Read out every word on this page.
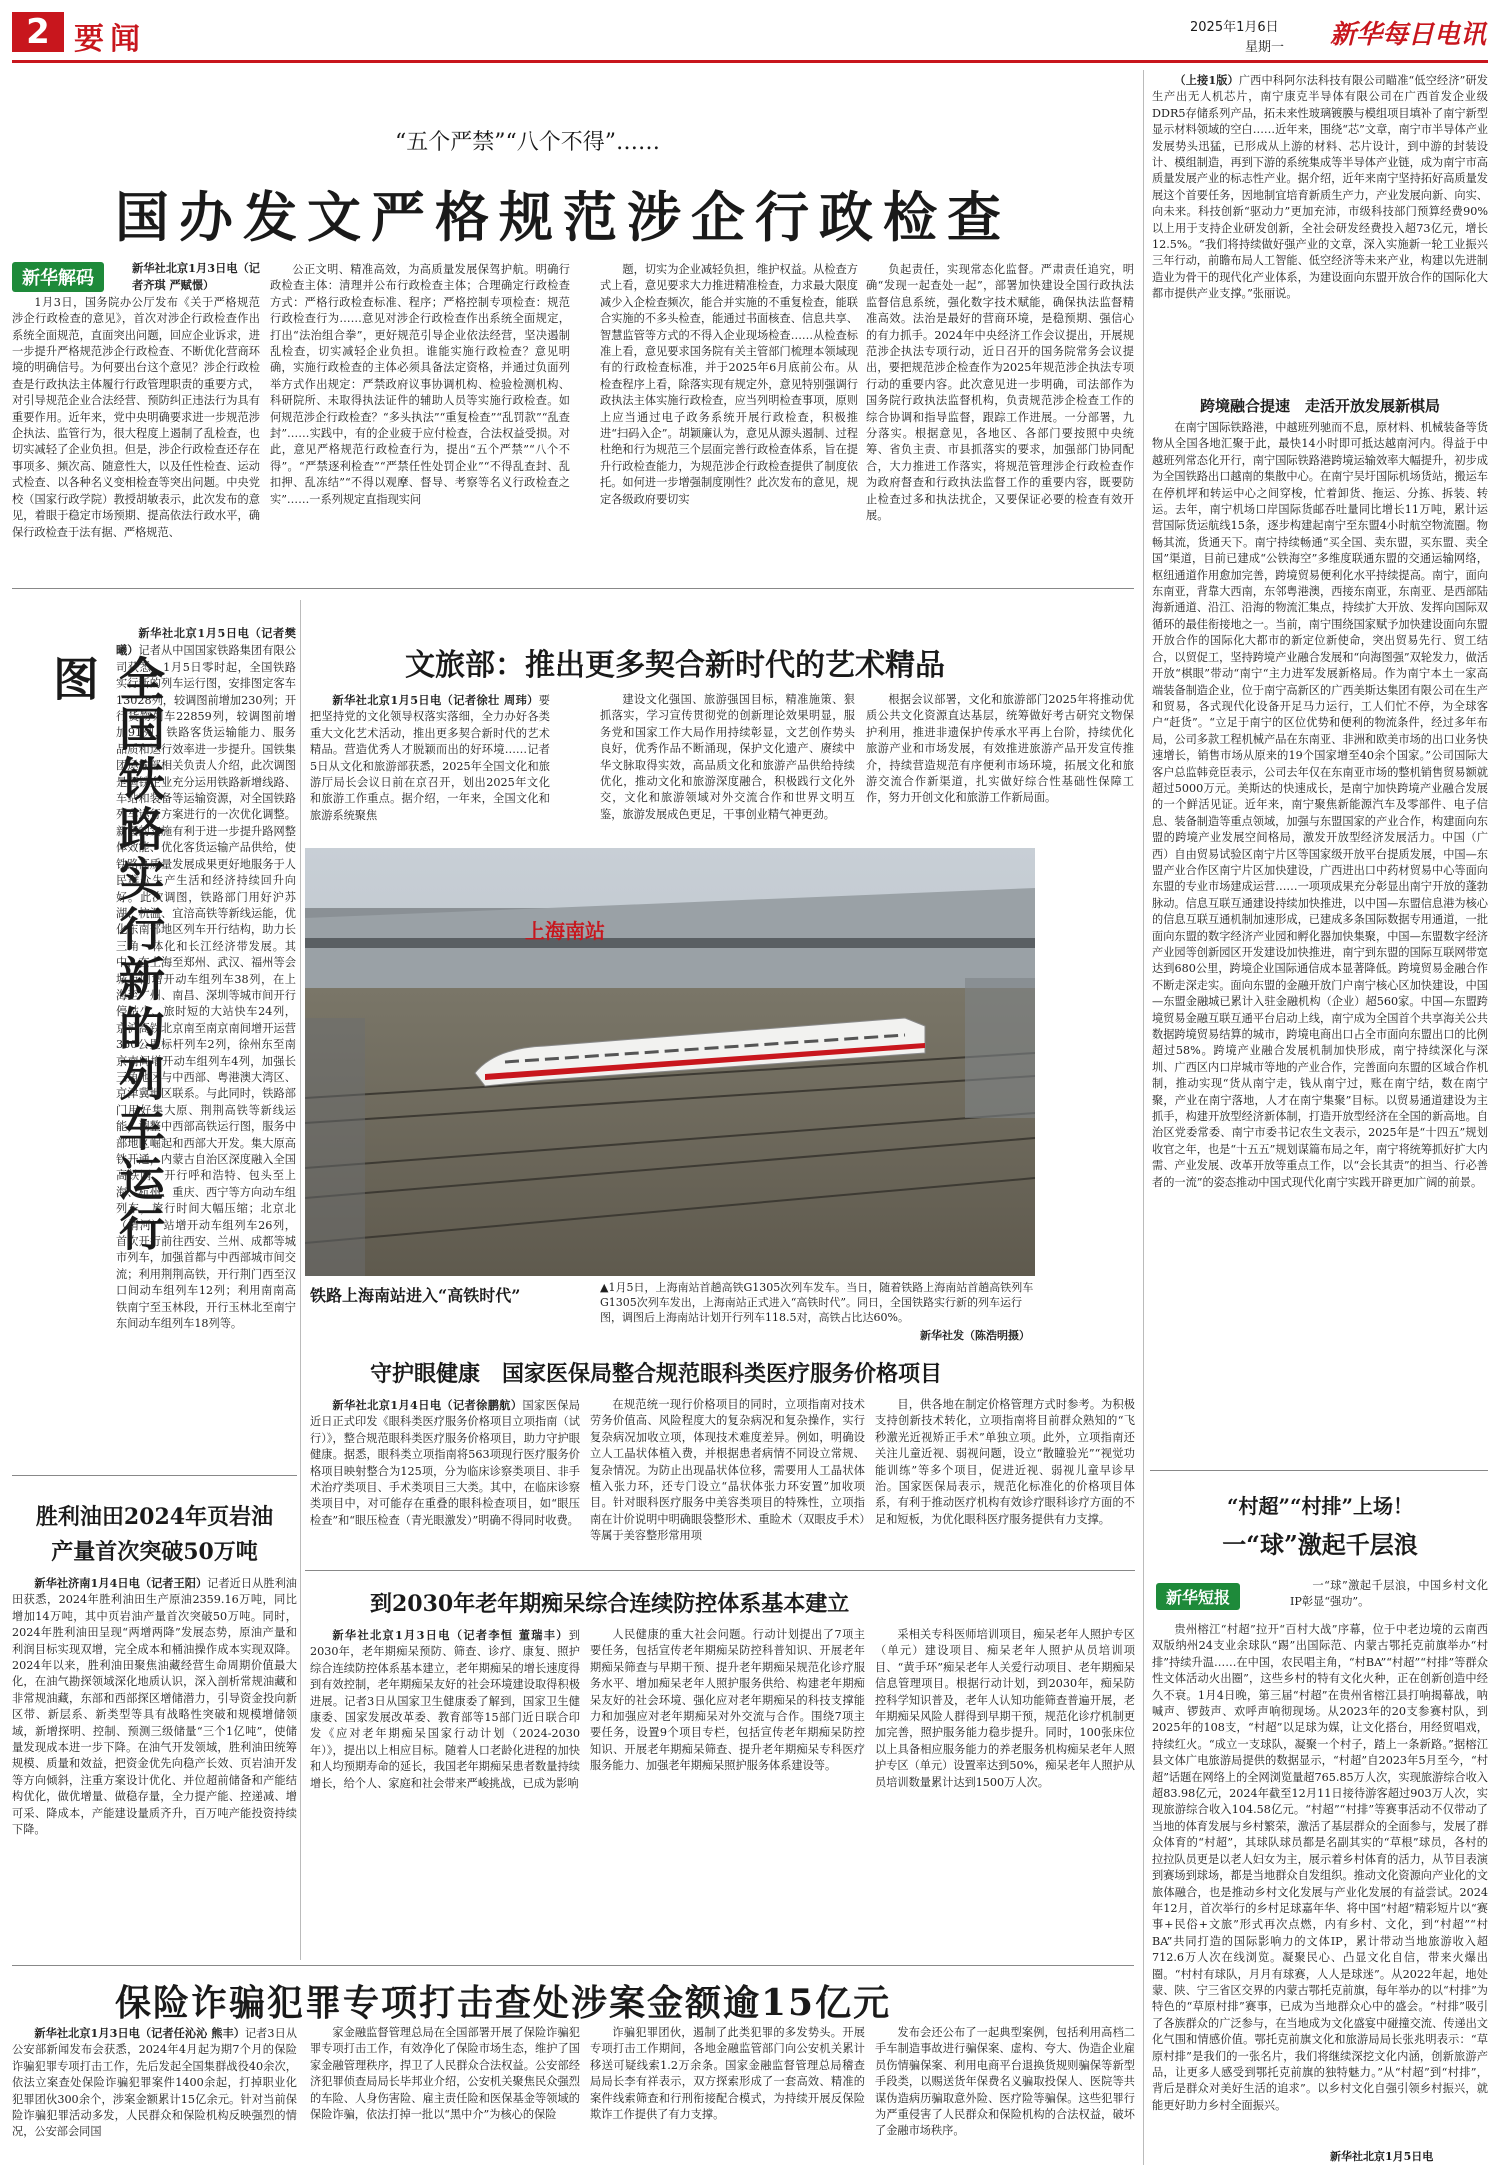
2 要闻	2025年1月6日
星期一 新华每日电讯
“五个严禁”“八个不得”……
国办发文严格规范涉企行政检查
新华解码	新华社北京1月3日电（记者齐琪 严赋憬）

1月3日，国务院办公厅发布《关于严格规范涉企行政检查的意见》，首次对涉企行政检查作出系统全面规范，直面突出问题，回应企业诉求，进一步提升严格规范涉企行政检查、不断优化营商环境的明确信号。为何要出台这个意见？涉企行政检查是行政执法主体履行行政管理职责的重要方式，对引导规范企业合法经营、预防纠正违法行为具有重要作用。近年来，党中央明确要求进一步规范涉企执法、监管行为，很大程度上遏制了乱检查，也切实减轻了企业负担。但是，涉企行政检查还存在事项多、频次高、随意性大，以及任性检查、运动式检查、以各种名义变相检查等突出问题。中央党校（国家行政学院）教授胡敏表示，此次发布的意见，着眼于稳定市场预期、提高依法行政水平，确保行政检查于法有据、严格规范、

公正文明、精准高效，为高质量发展保驾护航。明确行政检查主体：清理并公布行政检查主体；合理确定行政检查方式：严格行政检查标准、程序；严格控制专项检查：规范行政检查行为……意见对涉企行政检查作出系统全面规定，打出“法治组合拳”，更好规范引导企业依法经营，坚决遏制乱检查，切实减轻企业负担。谁能实施行政检查？意见明确，实施行政检查的主体必须具备法定资格，并通过负面列举方式作出规定：严禁政府议事协调机构、检验检测机构、科研院所、未取得执法证件的辅助人员等实施行政检查。如何规范涉企行政检查？“多头执法”“重复检查”“乱罚款”“乱查封”……实践中，有的企业疲于应付检查，合法权益受损。对此，意见严格规范行政检查行为，提出“五个严禁”“八个不得”。“严禁逐利检查”“严禁任性处罚企业”“不得乱查封、乱扣押、乱冻结”“不得以观摩、督导、考察等名义行政检查之实”……一系列规定直指现实问

题，切实为企业减轻负担，维护权益。从检查方式上看，意见要求大力推进精准检查，力求最大限度减少入企检查频次，能合并实施的不重复检查，能联合实施的不多头检查，能通过书面核查、信息共享、智慧监管等方式的不得入企业现场检查……从检查标准上看，意见要求国务院有关主管部门梳理本领域现有的行政检查标准，并于2025年6月底前公布。从检查程序上看，除落实现有规定外，意见特别强调行政执法主体实施行政检查，应当列明检查事项，原则上应当通过电子政务系统开展行政检查，积极推进“扫码入企”。胡颖廉认为，意见从源头遏制、过程杜绝和行为规范三个层面完善行政检查体系，旨在提升行政检查能力，为规范涉企行政检查提供了制度依托。如何进一步增强制度刚性？此次发布的意见，规定各级政府要切实

负起责任，实现常态化监督。严肃责任追究，明确“发现一起查处一起”，部署加快建设全国行政执法监督信息系统，强化数字技术赋能，确保执法监督精准高效。法治是最好的营商环境，是稳预期、强信心的有力抓手。2024年中央经济工作会议提出，开展规范涉企执法专项行动，近日召开的国务院常务会议提出，要把规范涉企检查作为2025年规范涉企执法专项行动的重要内容。此次意见进一步明确，司法部作为国务院行政执法监督机构，负责规范涉企检查工作的综合协调和指导监督，跟踪工作进展。一分部署，九分落实。根据意见，各地区、各部门要按照中央统筹、省负主责、市县抓落实的要求，加强部门协同配合，大力推进工作落实，将规范管理涉企行政检查作为政府督查和行政执法监督工作的重要内容，既要防止检查过多和执法扰企，又要保证必要的检查有效开展。

全国铁路实行新的列车运行图

新华社北京1月5日电（记者樊曦）记者从中国国家铁路集团有限公司获悉，1月5日零时起，全国铁路实行新的列车运行图，安排图定客车13028列，较调图前增加230列；开行货物列车22859列，较调图前增加91列，铁路客货运输能力、服务品质和运行效率进一步提升。国铁集团运输部相关负责人介绍，此次调图是国铁企业充分运用铁路新增线路、车站和装备等运输资源，对全国铁路列车运行方案进行的一次优化调整。新图的实施有利于进一步提升路网整体效能、优化客货运输产品供给，使铁路高质量发展成果更好地服务于人民群众生产生活和经济持续回升向好。此次调图，铁路部门用好沪苏湖、杭温、宜涪高铁等新线运能，优化东南部地区列车开行结构，助力长三角一体化和长江经济带发展。其中，在上海至郑州、武汉、福州等会城市间增开动车组列车38列，在上海至广州、南昌、深圳等城市间开行停站少、旅时短的大站快车24列，京沪高铁北京南至南京南间增开运营350公里标杆列车2列，徐州东至南京南间增开动车组列车4列，加强长三角地区与中西部、粤港澳大湾区、京津冀地区联系。与此同时，铁路部门用好集大原、荆荆高铁等新线运能，调整中西部高铁运行图，服务中部地区崛起和西部大开发。集大原高铁开通，内蒙古自治区深度融入全国高铁网，开行呼和浩特、包头至上海、杭州、重庆、西宁等方向动车组列车，旅行时间大幅压缩；北京北（清河）站增开动车组列车26列，首次开行前往西安、兰州、成都等城市列车，加强首都与中西部城市间交流；利用荆荆高铁，开行荆门西至汉口间动车组列车12列；利用南南高铁南宁至玉林段，开行玉林北至南宁东间动车组列车18列等。

胜利油田2024年页岩油
产量首次突破50万吨

新华社济南1月4日电（记者王阳）记者近日从胜利油田获悉，2024年胜利油田生产原油2359.16万吨，同比增加14万吨，其中页岩油产量首次突破50万吨。同时，2024年胜利油田呈现“两增两降”发展态势，原油产量和利润目标实现双增，完全成本和桶油操作成本实现双降。2024年以来，胜利油田聚焦油藏经营生命周期价值最大化，在油气勘探领域深化地质认识，深入剖析常规油藏和非常规油藏，东部和西部探区增储潜力，引导资金投向新区带、新层系、新类型等具有战略性突破和规模增储领域，新增探明、控制、预测三级储量“三个1亿吨”，使储量发现成本进一步下降。在油气开发领域，胜利油田统筹规模、质量和效益，把资金优先向稳产长效、页岩油开发等方向倾斜，注重方案设计优化、并位超前储备和产能结构优化，做优增量、做稳存量，全力提产能、控递减、增可采、降成本，产能建设量质齐升，百万吨产能投资持续下降。

文旅部：推出更多契合新时代的艺术精品

新华社北京1月5日电（记者徐壮 周玮）要把坚持党的文化领导权落实落细，全力办好各类重大文化艺术活动，推出更多契合新时代的艺术精品。营造优秀人才脱颖而出的好环境……记者5日从文化和旅游部获悉，2025年全国文化和旅游厅局长会议日前在京召开，划出2025年文化和旅游工作重点。据介绍，一年来，全国文化和旅游系统聚焦

建设文化强国、旅游强国目标，精准施策、狠抓落实，学习宣传贯彻党的创新理论效果明显，服务党和国家工作大局作用持续彰显，文艺创作势头良好，优秀作品不断涌现，保护文化遗产、赓续中华文脉取得实效，高品质文化和旅游产品供给持续优化，推动文化和旅游深度融合，积极践行文化外交，文化和旅游领域对外交流合作和世界文明互鉴，旅游发展成色更足，干事创业精气神更劲。

根据会议部署，文化和旅游部门2025年将推动优质公共文化资源直达基层，统筹做好考古研究文物保护利用，推进非遗保护传承水平再上台阶，持续优化旅游产业和市场发展，有效推进旅游产品开发宣传推介，持续营造规范有序便利市场环境，拓展文化和旅游交流合作新渠道，扎实做好综合性基础性保障工作，努力开创文化和旅游工作新局面。

上海南站
铁路上海南站进入“高铁时代”	▲1月5日，上海南站首趟高铁G1305次列车发车。当日，随着铁路上海南站首趟高铁列车G1305次列车发出，上海南站正式进入“高铁时代”。同日，全国铁路实行新的列车运行图，调图后上海南站计划开行列车118.5对，高铁占比达60%。
新华社发（陈浩明摄）
守护眼健康　国家医保局整合规范眼科类医疗服务价格项目

新华社北京1月4日电（记者徐鹏航）国家医保局近日正式印发《眼科类医疗服务价格项目立项指南（试行）》，整合规范眼科类医疗服务价格项目，助力守护眼健康。据悉，眼科类立项指南将563项现行医疗服务价格项目映射整合为125项，分为临床诊察类项目、非手术治疗类项目、手术类项目三大类。其中，在临床诊察类项目中，对可能存在重叠的眼科检查项目，如“眼压检查”和“眼压检查（青光眼激发）”明确不得同时收费。

在规范统一现行价格项目的同时，立项指南对技术劳务价值高、风险程度大的复杂病况和复杂操作，实行复杂病况加收立项，体现技术难度差异。例如，明确设立人工晶状体植入费，并根据患者病情不同设立常规、复杂情况。为防止出现晶状体位移，需要用人工晶状体植入张力环，还专门设立“晶状体张力环安置”加收项目。针对眼科医疗服务中美容类项目的特殊性，立项指南在计价说明中明确眼袋整形术、重睑术（双眼皮手术）等属于美容整形常用项

目，供各地在制定价格管理方式时参考。为积极支持创新技术转化，立项指南将目前群众熟知的“飞秒激光近视矫正手术”单独立项。此外，立项指南还关注儿童近视、弱视问题，设立“散瞳验光”“视觉功能训练”等多个项目，促进近视、弱视儿童早诊早治。国家医保局表示，规范化标准化的价格项目体系，有利于推动医疗机构有效诊疗眼科诊疗方面的不足和短板，为优化眼科医疗服务提供有力支撑。

到2030年老年期痴呆综合连续防控体系基本建立

新华社北京1月3日电（记者李恒 董瑞丰）到2030年，老年期痴呆预防、筛查、诊疗、康复、照护综合连续防控体系基本建立，老年期痴呆的增长速度得到有效控制，老年期痴呆友好的社会环境建设取得积极进展。记者3日从国家卫生健康委了解到，国家卫生健康委、国家发展改革委、教育部等15部门近日联合印发《应对老年期痴呆国家行动计划（2024-2030年）》，提出以上相应目标。随着人口老龄化进程的加快和人均预期寿命的延长，我国老年期痴呆患者数量持续增长，给个人、家庭和社会带来严峻挑战，已成为影响

人民健康的重大社会问题。行动计划提出了7项主要任务，包括宣传老年期痴呆防控科普知识、开展老年期痴呆筛查与早期干预、提升老年期痴呆规范化诊疗服务水平、增加痴呆老年人照护服务供给、构建老年期痴呆友好的社会环境、强化应对老年期痴呆的科技支撑能力和加强应对老年期痴呆对外交流与合作。围绕7项主要任务，设置9个项目专栏，包括宣传老年期痴呆防控知识、开展老年期痴呆筛查、提升老年期痴呆专科医疗服务能力、加强老年期痴呆照护服务体系建设等。

采相关专科医师培训项目，痴呆老年人照护专区（单元）建设项目、痴呆老年人照护从员培训项目、“黄手环”痴呆老年人关爱行动项目、老年期痴呆信息管理项目。根据行动计划，到2030年，痴呆防控科学知识普及，老年人认知功能筛查普遍开展，老年期痴呆风险人群得到早期干预，规范化诊疗机制更加完善，照护服务能力稳步提升。同时，100张床位以上具备相应服务能力的养老服务机构痴呆老年人照护专区（单元）设置率达到50%，痴呆老年人照护从员培训数量累计达到1500万人次。

保险诈骗犯罪专项打击查处涉案金额逾15亿元

新华社北京1月3日电（记者任沁沁 熊丰）记者3日从公安部新闻发布会获悉，2024年4月起为期7个月的保险诈骗犯罪专项打击工作，先后发起全国集群战役40余次，依法立案查处保险诈骗犯罪案件1400余起，打掉职业化犯罪团伙300余个，涉案金额累计15亿余元。针对当前保险诈骗犯罪活动多发，人民群众和保险机构反映强烈的情况，公安部会同国

家金融监督管理总局在全国部署开展了保险诈骗犯罪专项打击工作，有效净化了保险市场生态，维护了国家金融管理秩序，捍卫了人民群众合法权益。公安部经济犯罪侦查局局长毕邦业介绍，公安机关聚焦民众强烈的车险、人身伤害险、雇主责任险和医保基金等领域的保险诈骗，依法打掉一批以“黑中介”为核心的保险

诈骗犯罪团伙，遏制了此类犯罪的多发势头。开展专项打击工作期间，各地金融监管部门向公安机关累计移送可疑线索1.2万余条。国家金融监督管理总局稽查局局长李有祥表示，双方探索形成了一套高效、精准的案件线索筛查和行刑衔接配合模式，为持续开展反保险欺诈工作提供了有力支撑。

发布会还公布了一起典型案例，包括利用高档二手车制造事故进行骗保案、虚构、夸大、伪造企业雇员伤情骗保案、利用电商平台退换货规则骗保等新型手段类，以赐送货年保费名义骗取投保人、医院等共谋伪造病历骗取意外险、医疗险等骗保。这些犯罪行为严重侵害了人民群众和保险机构的合法权益，破坏了金融市场秩序。

（上接1版）广西中科阿尔法科技有限公司瞄准“低空经济”研发生产出无人机芯片，南宁康克半导体有限公司在广西首发企业级DDR5存储系列产品，拓未来性玻璃镀膜与模组项目填补了南宁新型显示材料领域的空白……近年来，围绕“芯”文章，南宁市半导体产业发展势头迅猛，已形成从上游的材料、芯片设计，到中游的封装设计、模组制造，再到下游的系统集成等半导体产业链，成为南宁市高质量发展产业的标志性产业。据介绍，近年来南宁坚持拓好高质量发展这个首要任务，因地制宜培育新质生产力，产业发展向新、向实、向未来。科技创新“驱动力”更加充沛，市级科技部门预算经费90%以上用于支持企业研发创新，全社会研发经费投入超73亿元，增长12.5%。“我们将持续做好强产业的文章，深入实施新一轮工业振兴三年行动，前瞻布局人工智能、低空经济等未来产业，构建以先进制造业为骨干的现代化产业体系，为建设面向东盟开放合作的国际化大都市提供产业支撑。”张丽说。

跨境融合提速　走活开放发展新棋局

在南宁国际铁路港，中越班列驰而不息，原材料、机械装备等货物从全国各地汇聚于此，最快14小时即可抵达越南河内。得益于中越班列常态化开行，南宁国际铁路港跨境运输效率大幅提升，初步成为全国铁路出口越南的集散中心。在南宁吴圩国际机场货站，搬运车在停机坪和转运中心之间穿梭，忙着卸货、拖运、分拣、拆装、转运。去年，南宁机场口岸国际货邮吞吐量同比增长11万吨，累计运营国际货运航线15条，逐步构建起南宁至东盟4小时航空物流圈。物畅其流，货通天下。南宁持续畅通“买全国、卖东盟，买东盟、卖全国”渠道，目前已建成“公铁海空”多维度联通东盟的交通运输网络，枢纽通道作用愈加完善，跨境贸易便利化水平持续提高。南宁，面向东南亚，背靠大西南，东邻粤港澳，西接东南亚，东南亚、是西部陆海新通道、沿江、沿海的物流汇集点，持续扩大开放、发挥向国际双循环的最佳衔接地之一。当前，南宁围绕国家赋予加快建设面向东盟开放合作的国际化大都市的新定位新使命，突出贸易先行、贸工结合，以贸促工，坚持跨境产业融合发展和“向海图强”双轮发力，做活开放“棋眼”带动“南宁“主力进军发展新格局。作为南宁本土一家高端装备制造企业，位于南宁高新区的广西美斯达集团有限公司在生产和贸易，各式现代化设备开足马力运行，工人们忙不停，为全球客户“赶货”。“立足于南宁的区位优势和便利的物流条件，经过多年布局，公司多款工程机械产品在东南亚、非洲和欧美市场的出口业务快速增长，销售市场从原来的19个国家增至40余个国家。”公司国际大客户总监韩竞臣表示，公司去年仅在东南亚市场的整机销售贸易额就超过5000万元。美斯达的快速成长，是南宁加快跨境产业融合发展的一个鲜活见证。近年来，南宁聚焦新能源汽车及零部件、电子信息、装备制造等重点领域，加强与东盟国家的产业合作，构建面向东盟的跨境产业发展空间格局，激发开放型经济发展活力。中国（广西）自由贸易试验区南宁片区等国家级开放平台提质发展，中国—东盟产业合作区南宁片区加快建设，广西进出口中药材贸易中心等面向东盟的专业市场建成运营……一项项成果充分彰显出南宁开放的蓬勃脉动。信息互联互通建设持续加快推进，以中国—东盟信息港为核心的信息互联互通机制加速形成，已建成多条国际数据专用通道，一批面向东盟的数字经济产业园和孵化器加快集聚，中国—东盟数字经济产业园等创新园区开发建设加快推进，南宁到东盟的国际互联网带宽达到680公里，跨境企业国际通信成本显著降低。跨境贸易金融合作不断走深走实。面向东盟的金融开放门户南宁核心区加快建设，中国—东盟金融城已累计入驻金融机构（企业）超560家。中国—东盟跨境贸易金融互联互通平台启动上线，南宁成为全国首个共享海关公共数据跨境贸易结算的城市，跨境电商出口占全市面向东盟出口的比例超过58%。跨境产业融合发展机制加快形成，南宁持续深化与深圳、广西区内口岸城市等地的产业合作，完善面向东盟的区域合作机制，推动实现“货从南宁走，钱从南宁过，账在南宁结，数在南宁聚，产业在南宁落地，人才在南宁集聚”目标。以贸易通道建设为主抓手，构建开放型经济新体制，打造开放型经济在全国的新高地。自治区党委常委、南宁市委书记农生文表示，2025年是“十四五”规划收官之年，也是“十五五”规划谋篇布局之年，南宁将统筹抓好扩大内需、产业发展、改革开放等重点工作，以“会长其责”的担当、行必善者的一流”的姿态推动中国式现代化南宁实践开辟更加广阔的前景。

“村超”“村排”上场！
一“球”激起千层浪
新华短报

一“球”激起千层浪，中国乡村文化IP彰显“强功”。

贵州榕江“村超”拉开“百村大战”序幕，位于中老边境的云南西双版纳州24支业余球队“踢”出国际范、内蒙古鄂托克前旗举办“村排”持续升温……在中国，农民唱主角，“村BA”“村超”“村排”等群众性文体活动火出圈”，这些乡村的特有文化火种，正在创新创造中经久不衰。1月4日晚，第三届“村超”在贵州省榕江县打响揭幕战，呐喊声、锣鼓声、欢呼声响彻现场。从2023年的20支参赛村队，到2025年的108支，“村超”以足球为媒，让文化搭台，用经贸唱戏，持续红火。“成立一支球队，凝聚一个村子，踏上一条新路。”据榕江县文体广电旅游局提供的数据显示，“村超”自2023年5月至今，“村超”话题在网络上的全网浏览量超765.85万人次，实现旅游综合收入超83.98亿元，2024年截至12月11日接待游客超过903万人次，实现旅游综合收入104.58亿元。“村超”“村排”等赛事活动不仅带动了当地的体育发展与乡村繁荣，激活了基层群众的全面参与，发展了群众体育的“村超”，其球队球员都是名副其实的“草根”球员，各村的拉拉队员更是以老人妇女为主，展示着乡村体育的活力，从节目表演到赛场到球场，都是当地群众自发组织。推动文化资源向产业化的文旅体融合，也是推动乡村文化发展与产业化发展的有益尝试。2024年12月，首次举行的乡村足球嘉年华、将中国“村超”精彩短片以“赛事+民俗+文旅”形式再次点燃，内有乡村、文化，到“村超”“村BA”共同打造的国际影响力的文体IP，累计带动当地旅游收入超712.6万人次在线浏览。凝聚民心、凸显文化自信，带来火爆出圈。“村村有球队，月月有球赛，人人是球迷”。从2022年起，地处蒙、陕、宁三省区交界的内蒙古鄂托克前旗，每年举办的以“村排”为特色的“草原村排”赛事，已成为当地群众心中的盛会。“村排”吸引了各族群众的广泛参与，在当地成为文化盛宴中碰撞交流、传递出文化气围和情感价值。鄂托克前旗文化和旅游局局长张兆明表示：“草原村排”是我们的一张名片，我们将继续深挖文化内涵，创新旅游产品，让更多人感受到鄂托克前旗的独特魅力。”从“村超”到“村排”，背后是群众对美好生活的追求”。以乡村文化自强引领乡村振兴，就能更好助力乡村全面振兴。

新华社北京1月5日电
